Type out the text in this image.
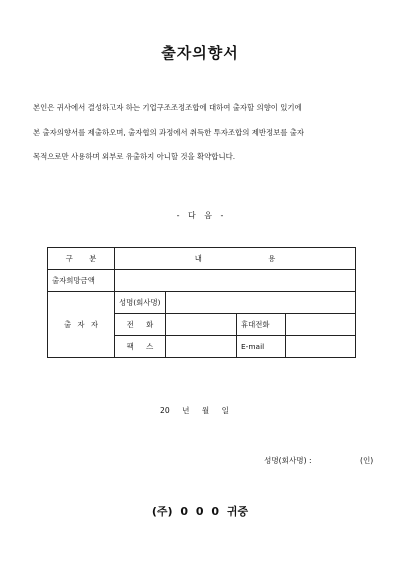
출자의향서
본인은 귀사에서 결성하고자 하는 기업구조조정조합에 대하여 출자할 의향이 있기에
본 출자의향서를 제출하오며, 출자협의 과정에서 취득한 투자조합의 제반정보를 출자
목적으로만 사용하며 외부로 유출하지 아니할 것을 확약합니다.
- 다 음 -
구 분	내 용			
출자희망금액				
출 자 자	성명(회사명)			
	전 화		휴대전화	
	팩 스		E-mail	
20 년 월 일
성명(회사명) :	(인)
(주) 0 0 0 귀중
